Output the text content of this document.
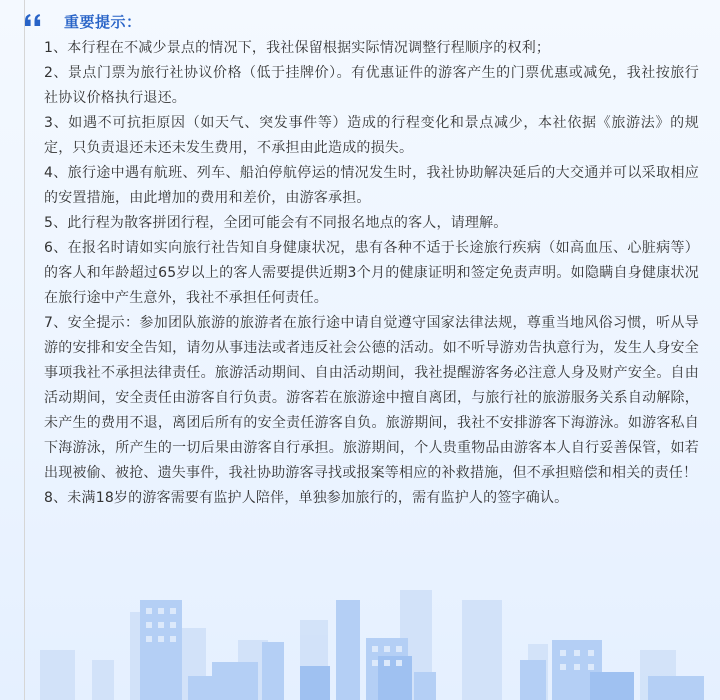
重要提示：

1、本行程在不减少景点的情况下，我社保留根据实际情况调整行程顺序的权利；

2、景点门票为旅行社协议价格（低于挂牌价）。有优惠证件的游客产生的门票优惠或减免，我社按旅行社协议价格执行退还。

3、如遇不可抗拒原因（如天气、突发事件等）造成的行程变化和景点减少，本社依据《旅游法》的规定，只负责退还未还未发生费用，不承担由此造成的损失。

4、旅行途中遇有航班、列车、船泊停航停运的情况发生时，我社协助解决延后的大交通并可以采取相应的安置措施，由此增加的费用和差价，由游客承担。

5、此行程为散客拼团行程，全团可能会有不同报名地点的客人，请理解。

6、在报名时请如实向旅行社告知自身健康状况，患有各种不适于长途旅行疾病（如高血压、心脏病等）的客人和年龄超过65岁以上的客人需要提供近期3个月的健康证明和签定免责声明。如隐瞒自身健康状况在旅行途中产生意外，我社不承担任何责任。

7、安全提示：参加团队旅游的旅游者在旅行途中请自觉遵守国家法律法规，尊重当地风俗习惯，听从导游的安排和安全告知，请勿从事违法或者违反社会公德的活动。如不听导游劝告执意行为，发生人身安全事项我社不承担法律责任。旅游活动期间、自由活动期间，我社提醒游客务必注意人身及财产安全。自由活动期间，安全责任由游客自行负责。游客若在旅游途中擅自离团，与旅行社的旅游服务关系自动解除，未产生的费用不退，离团后所有的安全责任游客自负。旅游期间，我社不安排游客下海游泳。如游客私自下海游泳，所产生的一切后果由游客自行承担。旅游期间，个人贵重物品由游客本人自行妥善保管，如若出现被偷、被抢、遗失事件，我社协助游客寻找或报案等相应的补救措施，但不承担赔偿和相关的责任！

8、未满18岁的游客需要有监护人陪伴，单独参加旅行的，需有监护人的签字确认。
